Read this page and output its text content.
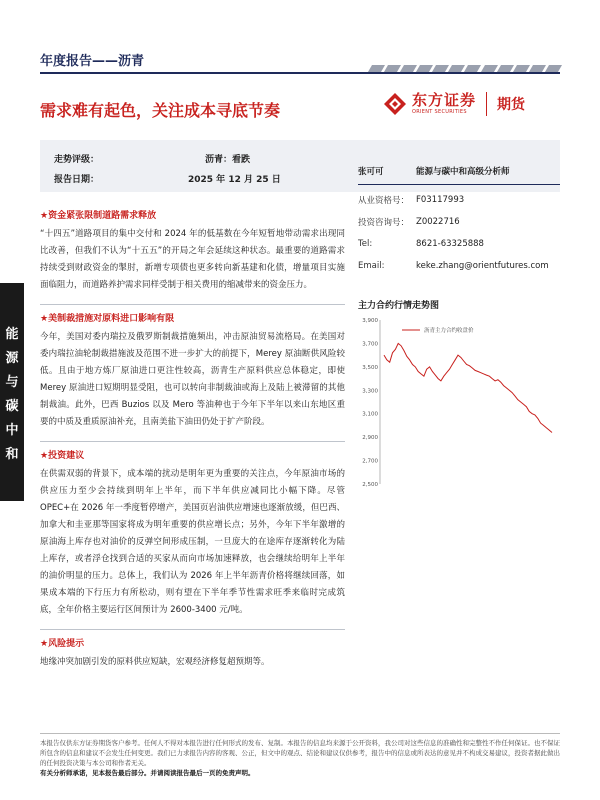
年度报告——沥青
需求难有起色，关注成本寻底节奏
东方证券
ORIENT SECURITIES	期货
走势评级：	沥青：看跌
报告日期：	2025 年 12 月 25 日
能
源
与
碳
中
和
★资金紧张限制道路需求释放
“十四五”道路项目的集中交付和 2024 年的低基数在今年短暂地带动需求出现同比改善，但我们不认为“十五五”的开局之年会延续这种状态。最重要的道路需求持续受到财政资金的掣肘，新增专项债也更多转向新基建和化债，增量项目实施面临阻力，而道路养护需求同样受制于相关费用的缩减带来的资金压力。
★美制裁措施对原料进口影响有限
今年，美国对委内瑞拉及俄罗斯制裁措施频出，冲击原油贸易流格局。在美国对委内瑞拉油轮制裁措施波及范围不进一步扩大的前提下，Merey 原油断供风险较低。且由于地方炼厂原油进口更注性较高，沥青生产原料供应总体稳定，即使 Merey 原油进口短期明显受阻，也可以转向非制裁油或海上及陆上被滞留的其他制裁油。此外，巴西 Buzios 以及 Mero 等油种也于今年下半年以来山东地区重要的中质及重质原油补充，且南美盐下油田仍处于扩产阶段。
★投资建议
在供需双弱的背景下，成本端的扰动是明年更为重要的关注点，今年原油市场的供应压力至少会持续到明年上半年，而下半年供应减同比小幅下降。尽管 OPEC+在 2026 年一季度暂停增产，美国页岩油供应增速也逐渐放缓，但巴西、加拿大和圭亚那等国家将成为明年重要的供应增长点；另外，今年下半年激增的原油海上库存也对油价的反弹空间形成压制，一旦庞大的在途库存逐渐转化为陆上库存，或者浮仓找到合适的买家从而向市场加速释放，也会继续给明年上半年的油价明显的压力。总体上，我们认为 2026 年上半年沥青价格将继续回落，如果成本端的下行压力有所松动，则有望在下半年季节性需求旺季来临时完成筑底，全年价格主要运行区间预计为 2600-3400 元/吨。
★风险提示
地缘冲突加剧引发的原料供应短缺，宏观经济修复超预期等。
张可可	能源与碳中和高级分析师
从业资格号： F03117993
投资咨询号： Z0022716
Tel:	8621-63325888
Email:	keke.zhang@orientfutures.com
主力合约行情走势图
3,900
3,700
3,500
3,300
3,100
2,900
2,700
2,500
沥青主力合约收盘价
本报告仅供东方证券期货客户参考。任何人不得对本报告进行任何形式的发布、复制。本报告的信息均来源于公开资料，我公司对这些信息的准确性和完整性不作任何保证。也不保证所包含的信息和建议不会发生任何变更。我们已力求报告内容的客观、公正，但文中的观点、结论和建议仅供参考，报告中的信息或所表达的意见并不构成交易建议，投资者据此做出的任何投资决策与本公司和作者无关。
有关分析师承诺，见本报告最后部分。并请阅读报告最后一页的免责声明。
